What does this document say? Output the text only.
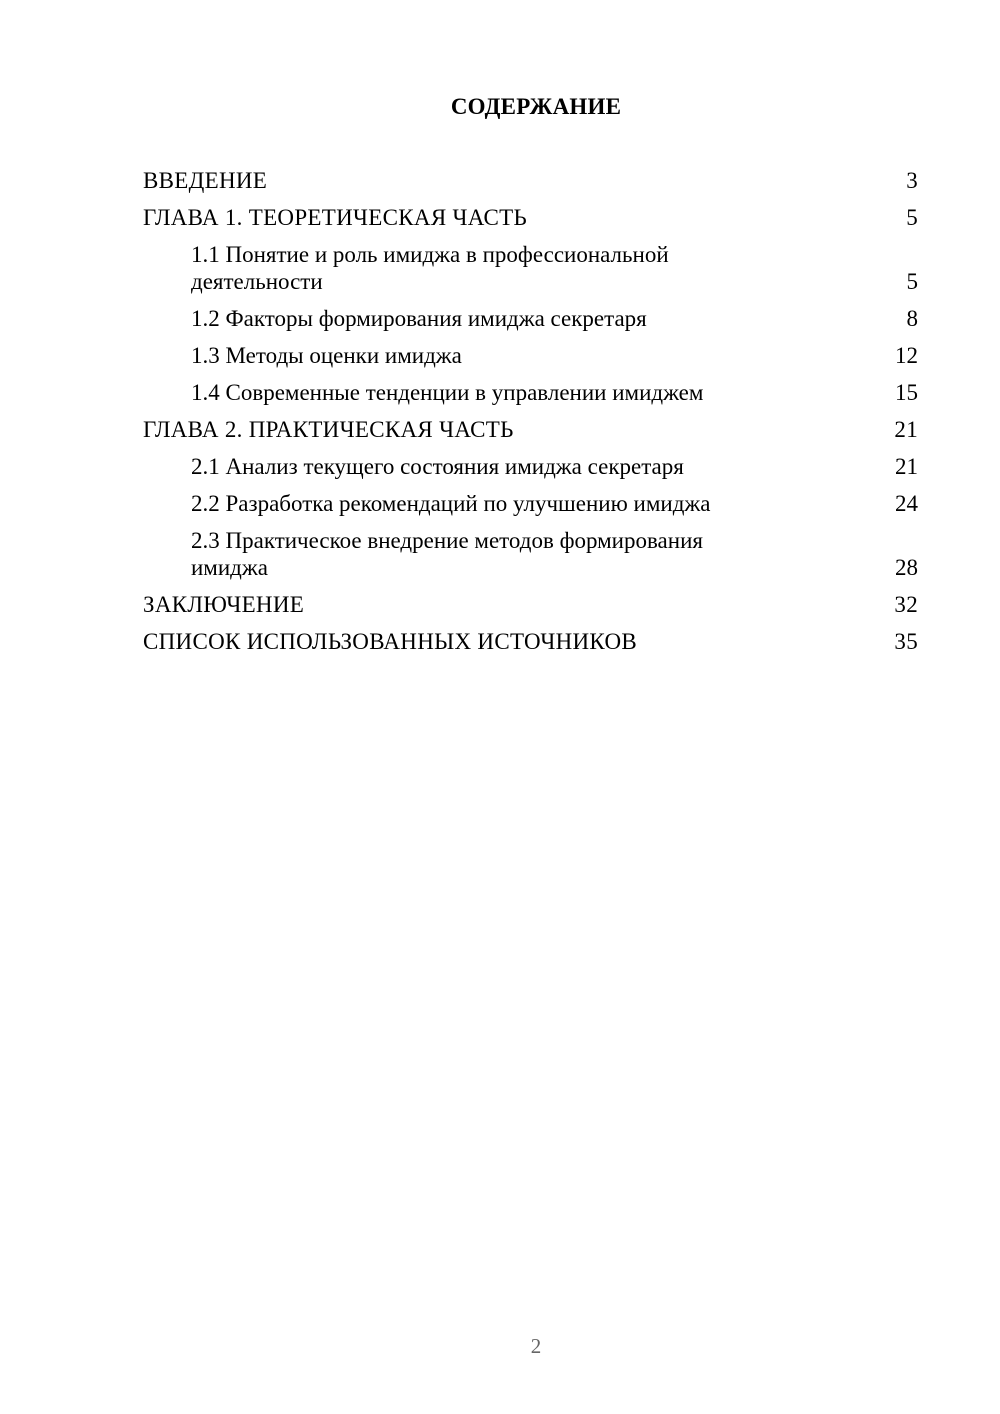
СОДЕРЖАНИЕ
ВВЕДЕНИЕ	3
ГЛАВА 1. ТЕОРЕТИЧЕСКАЯ ЧАСТЬ	5
1.1 Понятие и роль имиджа в профессиональной деятельности	5
1.2 Факторы формирования имиджа секретаря	8
1.3 Методы оценки имиджа	12
1.4 Современные тенденции в управлении имиджем	15
ГЛАВА 2. ПРАКТИЧЕСКАЯ ЧАСТЬ	21
2.1 Анализ текущего состояния имиджа секретаря	21
2.2 Разработка рекомендаций по улучшению имиджа	24
2.3 Практическое внедрение методов формирования имиджа	28
ЗАКЛЮЧЕНИЕ	32
СПИСОК ИСПОЛЬЗОВАННЫХ ИСТОЧНИКОВ	35
2
